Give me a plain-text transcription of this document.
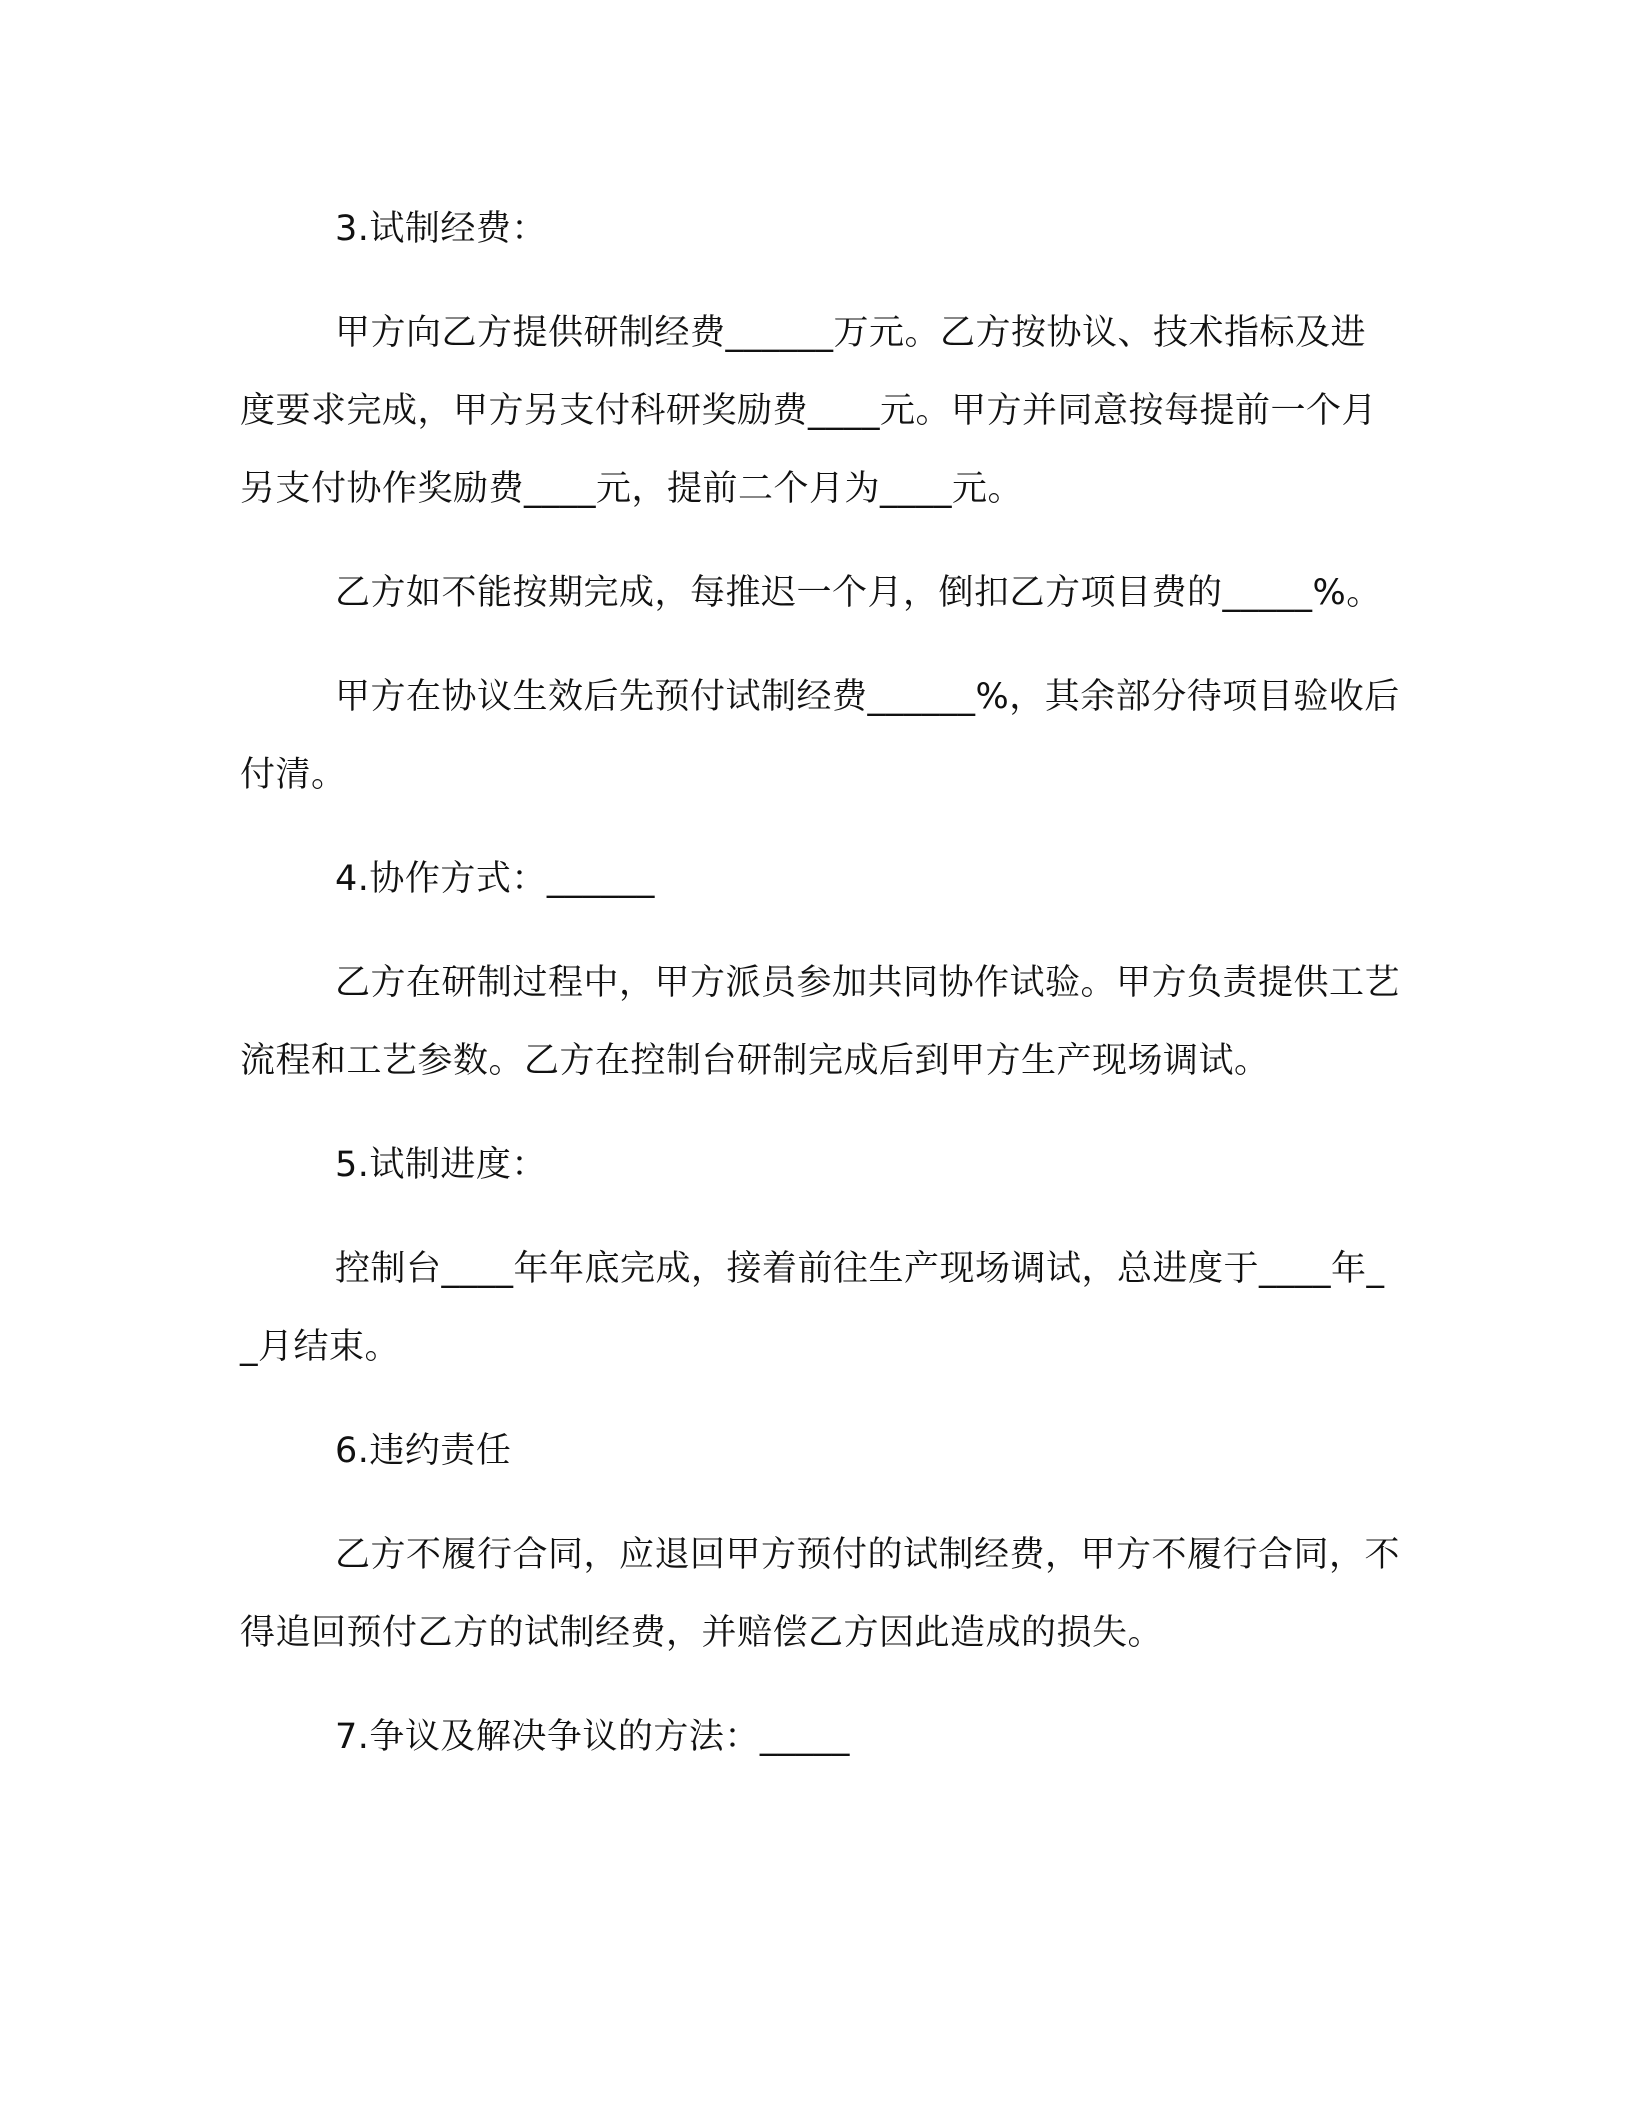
3.试制经费：

甲方向乙方提供研制经费______万元。乙方按协议、技术指标及进度要求完成，甲方另支付科研奖励费____元。甲方并同意按每提前一个月另支付协作奖励费____元，提前二个月为____元。

乙方如不能按期完成，每推迟一个月，倒扣乙方项目费的_____%。

甲方在协议生效后先预付试制经费______%，其余部分待项目验收后付清。

4.协作方式：______

乙方在研制过程中，甲方派员参加共同协作试验。甲方负责提供工艺流程和工艺参数。乙方在控制台研制完成后到甲方生产现场调试。

5.试制进度：

控制台____年年底完成，接着前往生产现场调试，总进度于____年__月结束。

6.违约责任

乙方不履行合同，应退回甲方预付的试制经费，甲方不履行合同，不得追回预付乙方的试制经费，并赔偿乙方因此造成的损失。

7.争议及解决争议的方法：_____
